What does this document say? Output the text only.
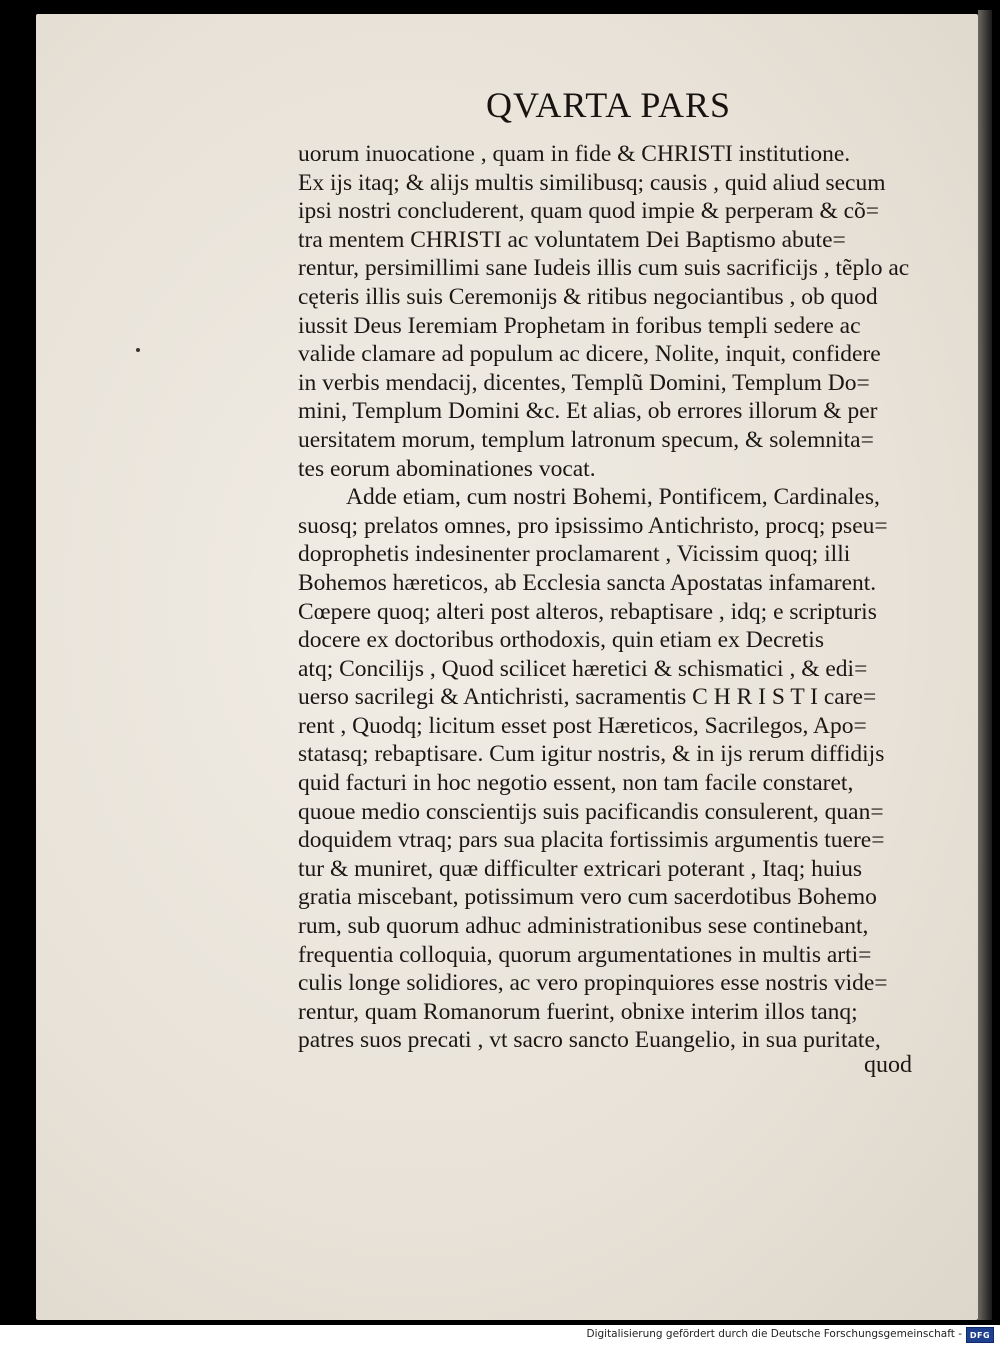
QVARTA PARS
uorum inuocatione , quam in fide & CHRISTI institutione.
Ex ijs itaq; & alijs multis similibusq; causis , quid aliud secum
ipsi nostri concluderent, quam quod impie & perperam & cõ=
tra mentem CHRISTI ac voluntatem Dei Baptismo abute=
rentur, persimillimi sane Iudeis illis cum suis sacrificijs , tẽplo ac
cęteris illis suis Ceremonijs & ritibus negociantibus , ob quod
iussit Deus Ieremiam Prophetam in foribus templi sedere ac
valide clamare ad populum ac dicere, Nolite, inquit, confidere
in verbis mendacij, dicentes, Templũ Domini, Templum Do=
mini, Templum Domini &c. Et alias, ob errores illorum & per
uersitatem morum, templum latronum specum, & solemnita=
tes eorum abominationes vocat.
Adde etiam, cum nostri Bohemi, Pontificem, Cardinales,
suosq; prelatos omnes, pro ipsissimo Antichristo, procq; pseu=
doprophetis indesinenter proclamarent , Vicissim quoq; illi
Bohemos hæreticos, ab Ecclesia sancta Apostatas infamarent.
Cœpere quoq; alteri post alteros, rebaptisare , idq; e scripturis
docere ex doctoribus orthodoxis, quin etiam ex Decretis
atq; Concilijs , Quod scilicet hæretici & schismatici , & edi=
uerso sacrilegi & Antichristi, sacramentis C H R I S T I care=
rent , Quodq; licitum esset post Hæreticos, Sacrilegos, Apo=
statasq; rebaptisare. Cum igitur nostris, & in ijs rerum diffidijs
quid facturi in hoc negotio essent, non tam facile constaret,
quoue medio conscientijs suis pacificandis consulerent, quan=
doquidem vtraq; pars sua placita fortissimis argumentis tuere=
tur & muniret, quæ difficulter extricari poterant , Itaq; huius
gratia miscebant, potissimum vero cum sacerdotibus Bohemo
rum, sub quorum adhuc administrationibus sese continebant,
frequentia colloquia, quorum argumentationes in multis arti=
culis longe solidiores, ac vero propinquiores esse nostris vide=
rentur, quam Romanorum fuerint, obnixe interim illos tanq;
patres suos precati , vt sacro sancto Euangelio, in sua puritate,
quod
Digitalisierung gefördert durch die Deutsche Forschungsgemeinschaft - DFG
